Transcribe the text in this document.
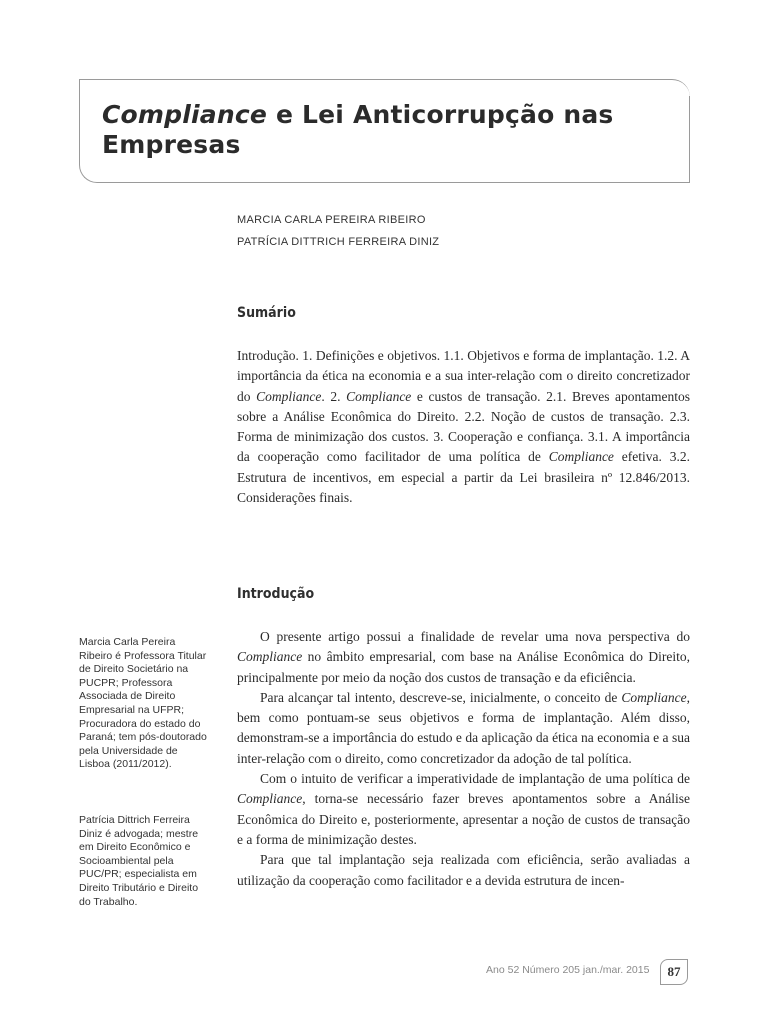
Compliance e Lei Anticorrupção nas Empresas
MARCIA CARLA PEREIRA RIBEIRO
PATRÍCIA DITTRICH FERREIRA DINIZ
Sumário
Introdução. 1. Definições e objetivos. 1.1. Objetivos e forma de implantação. 1.2. A importância da ética na economia e a sua inter-relação com o direito concretizador do Compliance. 2. Compliance e custos de transação. 2.1. Breves apontamentos sobre a Análise Econômica do Direito. 2.2. Noção de custos de transação. 2.3. Forma de minimização dos custos. 3. Cooperação e confiança. 3.1. A importância da cooperação como facilitador de uma política de Compliance efetiva. 3.2. Estrutura de incentivos, em especial a partir da Lei brasileira nº 12.846/2013. Considerações finais.
Introdução

O presente artigo possui a finalidade de revelar uma nova perspectiva do Compliance no âmbito empresarial, com base na Análise Econômica do Direito, principalmente por meio da noção dos custos de transação e da eficiência.

Para alcançar tal intento, descreve-se, inicialmente, o conceito de Compliance, bem como pontuam-se seus objetivos e forma de implantação. Além disso, demonstram-se a importância do estudo e da aplicação da ética na economia e a sua inter-relação com o direito, como concretizador da adoção de tal política.

Com o intuito de verificar a imperatividade de implantação de uma política de Compliance, torna-se necessário fazer breves apontamentos sobre a Análise Econômica do Direito e, posteriormente, apresentar a noção de custos de transação e a forma de minimização destes.

Para que tal implantação seja realizada com eficiência, serão avaliadas a utilização da cooperação como facilitador e a devida estrutura de incen-

Marcia Carla Pereira Ribeiro é Professora Titular de Direito Societário na PUCPR; Professora Associada de Direito Empresarial na UFPR; Procuradora do estado do Paraná; tem pós-doutorado pela Universidade de Lisboa (2011/2012).
Patrícia Dittrich Ferreira Diniz é advogada; mestre em Direito Econômico e Socioambiental pela PUC/PR; especialista em Direito Tributário e Direito do Trabalho.
Ano 52 Número 205 jan./mar. 2015	87
